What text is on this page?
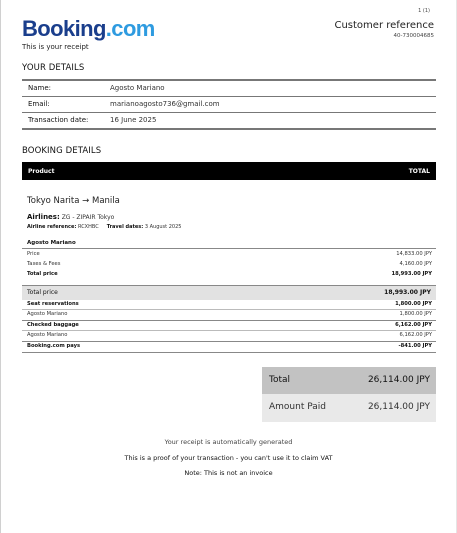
Booking.com
This is your receipt
1 (1)
Customer reference
40-730004685
YOUR DETAILS
Name:	Agosto Mariano
Email:	marianoagosto736@gmail.com
Transaction date:	16 June 2025
BOOKING DETAILS
Product	TOTAL
Tokyo Narita → Manila
Airlines: ZG - ZIPAIR Tokyo
Airline reference: RCXHBC Travel dates: 3 August 2025
Agosto Mariano
Price	14,833.00 JPY
Taxes & Fees	4,160.00 JPY
Total price	18,993.00 JPY
Total price	18,993.00 JPY
Seat reservations	1,800.00 JPY
Agosto Mariano	1,800.00 JPY
Checked baggage	6,162.00 JPY
Agosto Mariano	6,162.00 JPY
Booking.com pays	-841.00 JPY
Total	26,114.00 JPY
Amount Paid	26,114.00 JPY
Your receipt is automatically generated
This is a proof of your transaction - you can't use it to claim VAT
Note: This is not an invoice
